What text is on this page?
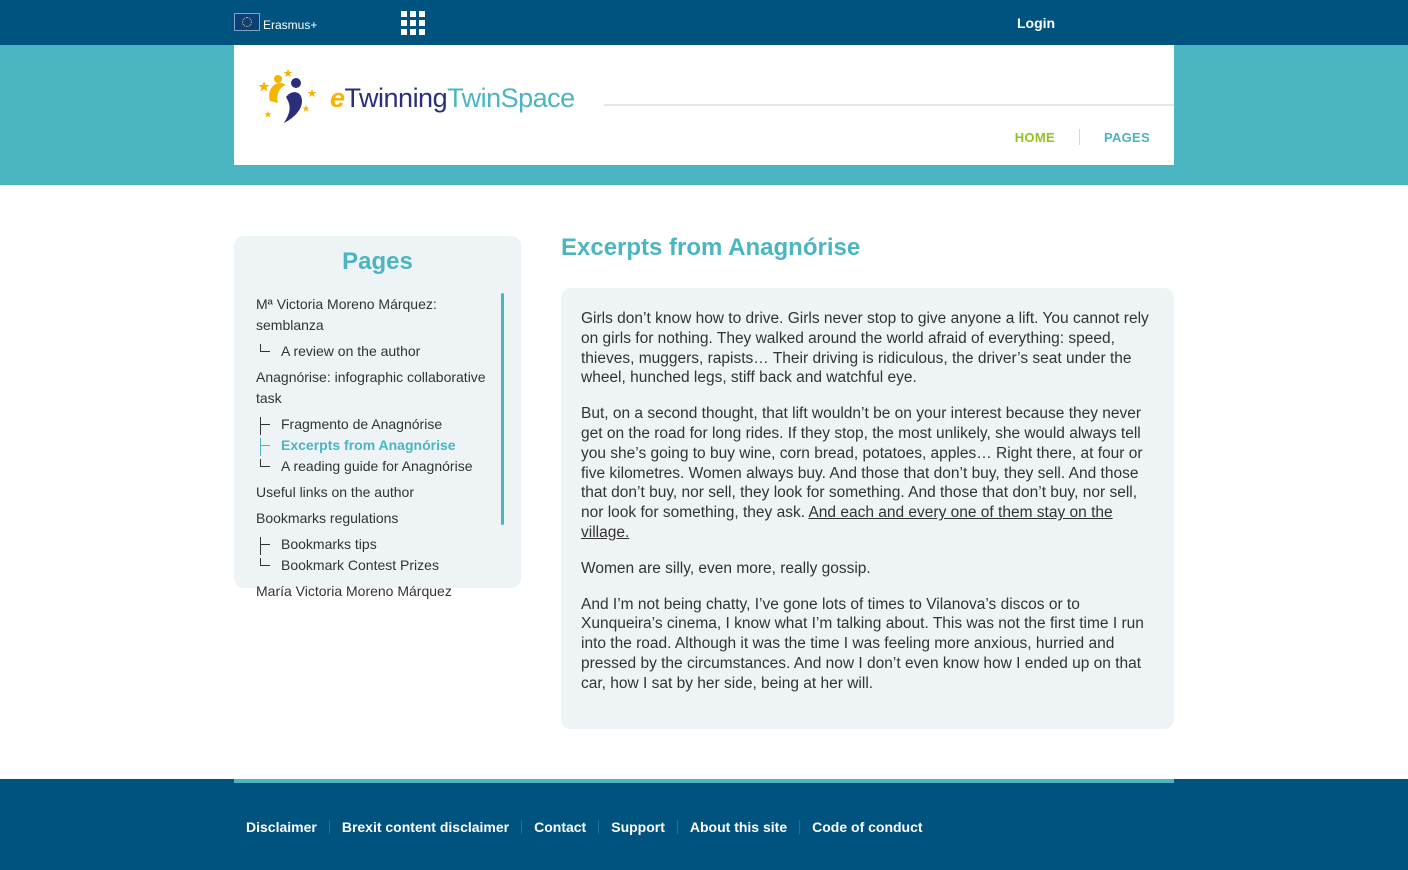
Erasmus+	Login
eTwinningTwinSpace
HOME	PAGES
Pages
Mª Victoria Moreno Márquez: semblanza
A review on the author
Anagnórise: infographic collaborative task
Fragmento de Anagnórise
Excerpts from Anagnórise
A reading guide for Anagnórise
Useful links on the author
Bookmarks regulations
Bookmarks tips
Bookmark Contest Prizes
María Victoria Moreno Márquez
Excerpts from Anagnórise

Girls don’t know how to drive. Girls never stop to give anyone a lift. You cannot rely on girls for nothing. They walked around the world afraid of everything: speed, thieves, muggers, rapists… Their driving is ridiculous, the driver’s seat under the wheel, hunched legs, stiff back and watchful eye.

But, on a second thought, that lift wouldn’t be on your interest because they never get on the road for long rides. If they stop, the most unlikely, she would always tell you she’s going to buy wine, corn bread, potatoes, apples… Right there, at four or five kilometres. Women always buy. And those that don’t buy, they sell. And those that don’t buy, nor sell, they look for something. And those that don’t buy, nor sell, nor look for something, they ask. And each and every one of them stay on the village.

Women are silly, even more, really gossip.

And I’m not being chatty, I’ve gone lots of times to Vilanova’s discos or to Xunqueira’s cinema, I know what I’m talking about. This was not the first time I run into the road. Although it was the time I was feeling more anxious, hurried and pressed by the circumstances. And now I don’t even know how I ended up on that car, how I sat by her side, being at her will.

Disclaimer Brexit content disclaimer Contact Support About this site Code of conduct
